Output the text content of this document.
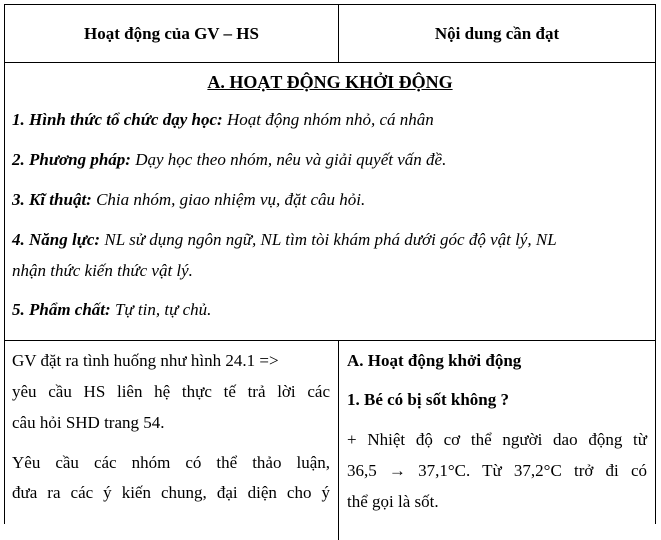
Hoạt động của GV – HS	Nội dung cần đạt
A. HOẠT ĐỘNG KHỞI ĐỘNG
1. Hình thức tổ chức dạy học: Hoạt động nhóm nhỏ, cá nhân
2. Phương pháp: Dạy học theo nhóm, nêu và giải quyết vấn đề.
3. Kĩ thuật: Chia nhóm, giao nhiệm vụ, đặt câu hỏi.
4. Năng lực: NL sử dụng ngôn ngữ, NL tìm tòi khám phá dưới góc độ vật lý, NL
nhận thức kiến thức vật lý.
5. Phẩm chất: Tự tin, tự chủ.
GV đặt ra tình huống như hình 24.1 =>
yêu cầu HS liên hệ thực tế trả lời các
câu hỏi SHD trang 54.
Yêu cầu các nhóm có thể thảo luận,
đưa ra các ý kiến chung, đại diện cho ý
A. Hoạt động khởi động
1. Bé có bị sốt không ?
+ Nhiệt độ cơ thể người dao động từ
36,5 → 37,1°C. Từ 37,2°C trở đi có
thể gọi là sốt.
